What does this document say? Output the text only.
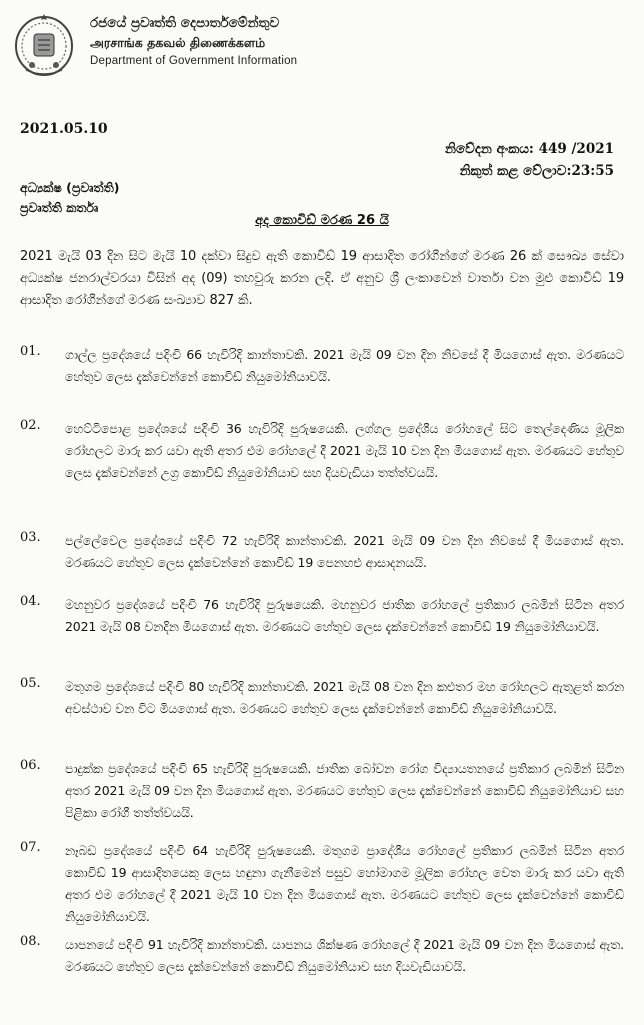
රජයේ ප්‍රවෘත්ති දෙපාර්තමේන්තුව
அரசாங்க தகவல் திணைக்களம்
Department of Government Information
2021.05.10
නිවේදන අංකය: 449 /2021
නිකුත් කළ වේලාව:23:55
අධ්‍යක්ෂ (ප්‍රවෘත්ති)
ප්‍රවෘත්ති කර්තෘ
අද කොවිඩ් මරණ 26 යි
2021 මැයි 03 දින සිට මැයි 10 දක්වා සිදුව ඇති කොවිඩ් 19 ආසාදිත රෝගීන්ගේ මරණ 26 ක් සෞඛ්‍ය සේවා අධ්‍යක්ෂ ජනරාල්වරයා විසින් අද (09) තහවුරු කරන ලදි. ඒ අනුව ශ්‍රී ලංකාවෙන් වාර්තා වන මුළු කොවිඩ් 19 ආසාදිත රෝගීන්ගේ මරණ සංඛ්‍යාව 827 කි.
01. ගාල්ල ප්‍රදේශයේ පදිංචි 66 හැවිරිදි කාන්තාවකි. 2021 මැයි 09 වන දින නිවසේ දී මියගොස් ඇත. මරණයට හේතුව ලෙස දැක්වෙන්නේ කොවිඩ් නියුමෝනියාවයි.
02. හෙට්ටිපොළ ප්‍රදේශයේ පදිංචි 36 හැවිරිදි පුරුෂයෙකි. ලග්ගල ප්‍රදේශීය රෝහලේ සිට තෙල්දෙණිය මූලික රෝහලට මාරු කර යවා ඇති අතර එම රෝහලේ දී 2021 මැයි 10 වන දින මියගොස් ඇත. මරණයට හේතුව ලෙස දැක්වෙන්නේ උග්‍ර කොවිඩ් නියුමෝනියාව සහ දියවැඩියා තත්ත්වයයි.
03. පල්ලේවෙල ප්‍රදේශයේ පදිංචි 72 හැවිරිදි කාන්තාවකි. 2021 මැයි 09 වන දින නිවසේ දී මියගොස් ඇත. මරණයට හේතුව ලෙස දැක්වෙන්නේ කොවිඩ් 19 පෙනහළු ආසාදනයයි.
04. මහනුවර ප්‍රදේශයේ පදිංචි 76 හැවිරිදි පුරුෂයෙකි. මහනුවර ජාතික රෝහලේ ප්‍රතිකාර ලබමින් සිටින අතර 2021 මැයි 08 වනදින මියගොස් ඇත. මරණයට හේතුව ලෙස දැක්වෙන්නේ කොවිඩ් 19 නියුමෝනියාවයි.
05. මතුගම ප්‍රදේශයේ පදිංචි 80 හැවිරිදි කාන්තාවකි. 2021 මැයි 08 වන දින කළුතර මහ රෝහලට ඇතුළත් කරන අවස්ථාව වන විට මියගොස් ඇත. මරණයට හේතුව ලෙස දැක්වෙන්නේ කොවිඩ් නියුමෝනියාවයි.
06. පාදුක්ක ප්‍රදේශයේ පදිංචි 65 හැවිරිදි පුරුෂයෙකි. ජාතික බෝවන රෝග විද්‍යායතනයේ ප්‍රතිකාර ලබමින් සිටින අතර 2021 මැයි 09 වන දින මියගොස් ඇත. මරණයට හේතුව ලෙස දැක්වෙන්නේ කොවිඩ් නියුමෝනියාව සහ පිළිකා රෝගී තත්ත්වයයි.
07. නෑබඩ ප්‍රදේශයේ පදිංචි 64 හැවිරිදි පුරුෂයෙකි. මතුගම ප්‍රාදේශීය රෝහලේ ප්‍රතිකාර ලබමින් සිටින අතර කොවිඩ් 19 ආසාදිතයෙකු ලෙස හඳුනා ගැනීමෙන් පසුව හෝමාගම මූලික රෝහල වෙත මාරු කර යවා ඇති අතර එම රෝහලේ දී 2021 මැයි 10 වන දින මියගොස් ඇත. මරණයට හේතුව ලෙස දැක්වෙන්නේ කොවිඩ් නියුමෝනියාවයි.
08. යාපනයේ පදිංචි 91 හැවිරිදි කාන්තාවකි. යාපනය ශික්ෂණ රෝහලේ දී 2021 මැයි 09 වන දින මියගොස් ඇත. මරණයට හේතුව ලෙස දැක්වෙන්නේ කොවිඩ් නියුමෝනියාව සහ දියවැඩියාවයි.
